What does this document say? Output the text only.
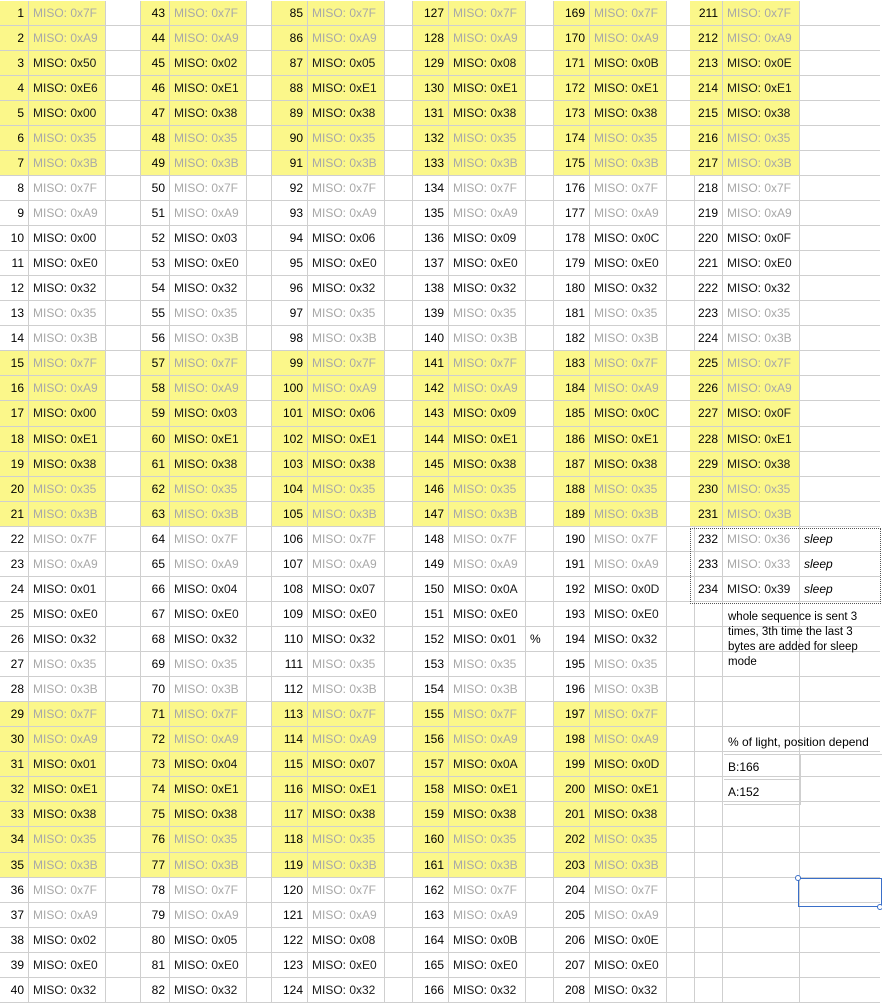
1 MISO: 0x7F
2 MISO: 0xA9
3 MISO: 0x50
4 MISO: 0xE6
5 MISO: 0x00
6 MISO: 0x35
7 MISO: 0x3B
8 MISO: 0x7F
9 MISO: 0xA9
10 MISO: 0x00
11 MISO: 0xE0
12 MISO: 0x32
13 MISO: 0x35
14 MISO: 0x3B
15 MISO: 0x7F
16 MISO: 0xA9
17 MISO: 0x00
18 MISO: 0xE1
19 MISO: 0x38
20 MISO: 0x35
21 MISO: 0x3B
22 MISO: 0x7F
23 MISO: 0xA9
24 MISO: 0x01
25 MISO: 0xE0
26 MISO: 0x32
27 MISO: 0x35
28 MISO: 0x3B
29 MISO: 0x7F
30 MISO: 0xA9
31 MISO: 0x01
32 MISO: 0xE1
33 MISO: 0x38
34 MISO: 0x35
35 MISO: 0x3B
36 MISO: 0x7F
37 MISO: 0xA9
38 MISO: 0x02
39 MISO: 0xE0
40 MISO: 0x32
43 MISO: 0x7F
44 MISO: 0xA9
45 MISO: 0x02
46 MISO: 0xE1
47 MISO: 0x38
48 MISO: 0x35
49 MISO: 0x3B
50 MISO: 0x7F
51 MISO: 0xA9
52 MISO: 0x03
53 MISO: 0xE0
54 MISO: 0x32
55 MISO: 0x35
56 MISO: 0x3B
57 MISO: 0x7F
58 MISO: 0xA9
59 MISO: 0x03
60 MISO: 0xE1
61 MISO: 0x38
62 MISO: 0x35
63 MISO: 0x3B
64 MISO: 0x7F
65 MISO: 0xA9
66 MISO: 0x04
67 MISO: 0xE0
68 MISO: 0x32
69 MISO: 0x35
70 MISO: 0x3B
71 MISO: 0x7F
72 MISO: 0xA9
73 MISO: 0x04
74 MISO: 0xE1
75 MISO: 0x38
76 MISO: 0x35
77 MISO: 0x3B
78 MISO: 0x7F
79 MISO: 0xA9
80 MISO: 0x05
81 MISO: 0xE0
82 MISO: 0x32
85 MISO: 0x7F
86 MISO: 0xA9
87 MISO: 0x05
88 MISO: 0xE1
89 MISO: 0x38
90 MISO: 0x35
91 MISO: 0x3B
92 MISO: 0x7F
93 MISO: 0xA9
94 MISO: 0x06
95 MISO: 0xE0
96 MISO: 0x32
97 MISO: 0x35
98 MISO: 0x3B
99 MISO: 0x7F
100 MISO: 0xA9
101 MISO: 0x06
102 MISO: 0xE1
103 MISO: 0x38
104 MISO: 0x35
105 MISO: 0x3B
106 MISO: 0x7F
107 MISO: 0xA9
108 MISO: 0x07
109 MISO: 0xE0
110 MISO: 0x32
111 MISO: 0x35
112 MISO: 0x3B
113 MISO: 0x7F
114 MISO: 0xA9
115 MISO: 0x07
116 MISO: 0xE1
117 MISO: 0x38
118 MISO: 0x35
119 MISO: 0x3B
120 MISO: 0x7F
121 MISO: 0xA9
122 MISO: 0x08
123 MISO: 0xE0
124 MISO: 0x32
127 MISO: 0x7F
128 MISO: 0xA9
129 MISO: 0x08
130 MISO: 0xE1
131 MISO: 0x38
132 MISO: 0x35
133 MISO: 0x3B
134 MISO: 0x7F
135 MISO: 0xA9
136 MISO: 0x09
137 MISO: 0xE0
138 MISO: 0x32
139 MISO: 0x35
140 MISO: 0x3B
141 MISO: 0x7F
142 MISO: 0xA9
143 MISO: 0x09
144 MISO: 0xE1
145 MISO: 0x38
146 MISO: 0x35
147 MISO: 0x3B
148 MISO: 0x7F
149 MISO: 0xA9
150 MISO: 0x0A
151 MISO: 0xE0
152 MISO: 0x01	%
153 MISO: 0x35
154 MISO: 0x3B
155 MISO: 0x7F
156 MISO: 0xA9
157 MISO: 0x0A
158 MISO: 0xE1
159 MISO: 0x38
160 MISO: 0x35
161 MISO: 0x3B
162 MISO: 0x7F
163 MISO: 0xA9
164 MISO: 0x0B
165 MISO: 0xE0
166 MISO: 0x32
169 MISO: 0x7F
170 MISO: 0xA9
171 MISO: 0x0B
172 MISO: 0xE1
173 MISO: 0x38
174 MISO: 0x35
175 MISO: 0x3B
176 MISO: 0x7F
177 MISO: 0xA9
178 MISO: 0x0C
179 MISO: 0xE0
180 MISO: 0x32
181 MISO: 0x35
182 MISO: 0x3B
183 MISO: 0x7F
184 MISO: 0xA9
185 MISO: 0x0C
186 MISO: 0xE1
187 MISO: 0x38
188 MISO: 0x35
189 MISO: 0x3B
190 MISO: 0x7F
191 MISO: 0xA9
192 MISO: 0x0D
193 MISO: 0xE0
194 MISO: 0x32
195 MISO: 0x35
196 MISO: 0x3B
197 MISO: 0x7F
198 MISO: 0xA9
199 MISO: 0x0D
200 MISO: 0xE1
201 MISO: 0x38
202 MISO: 0x35
203 MISO: 0x3B
204 MISO: 0x7F
205 MISO: 0xA9
206 MISO: 0x0E
207 MISO: 0xE0
208 MISO: 0x32
211 MISO: 0x7F
212 MISO: 0xA9
213 MISO: 0x0E
214 MISO: 0xE1
215 MISO: 0x38
216 MISO: 0x35
217 MISO: 0x3B
218 MISO: 0x7F
219 MISO: 0xA9
220 MISO: 0x0F
221 MISO: 0xE0
222 MISO: 0x32
223 MISO: 0x35
224 MISO: 0x3B
225 MISO: 0x7F
226 MISO: 0xA9
227 MISO: 0x0F
228 MISO: 0xE1
229 MISO: 0x38
230 MISO: 0x35
231 MISO: 0x3B
232 MISO: 0x36	sleep
233 MISO: 0x33	sleep
234 MISO: 0x39	sleep
whole sequence is sent 3 times, 3th time the last 3 bytes are added for sleep mode
% of light, position depend
B:166
A:152
